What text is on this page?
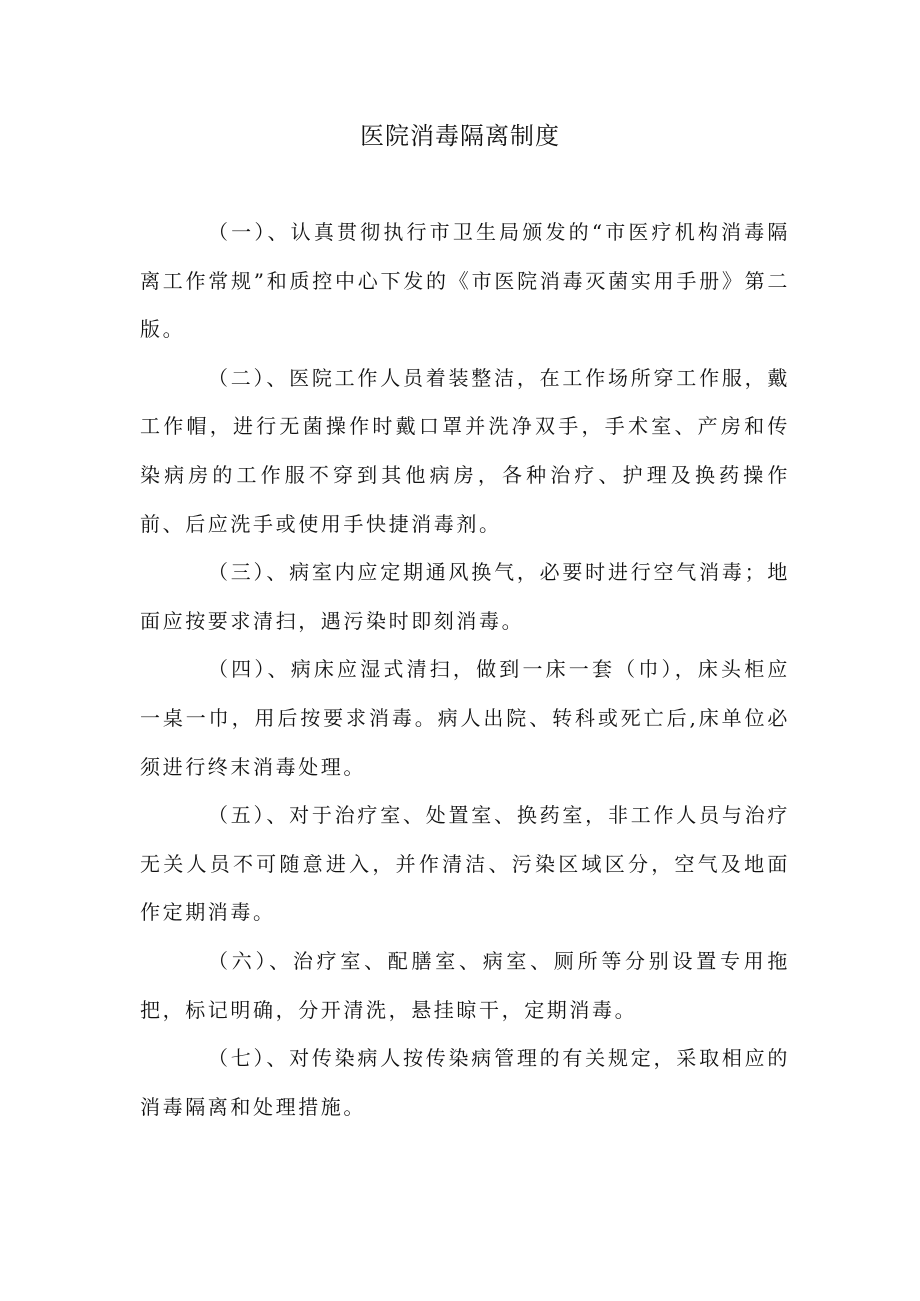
医院消毒隔离制度

（一）、认真贯彻执行市卫生局颁发的“市医疗机构消毒隔离工作常规”和质控中心下发的《市医院消毒灭菌实用手册》第二版。

（二）、医院工作人员着装整洁，在工作场所穿工作服，戴工作帽，进行无菌操作时戴口罩并洗净双手，手术室、产房和传染病房的工作服不穿到其他病房，各种治疗、护理及换药操作前、后应洗手或使用手快捷消毒剂。

（三）、病室内应定期通风换气，必要时进行空气消毒；地面应按要求清扫，遇污染时即刻消毒。

（四）、病床应湿式清扫，做到一床一套（巾），床头柜应一桌一巾，用后按要求消毒。病人出院、转科或死亡后,床单位必须进行终末消毒处理。

（五）、对于治疗室、处置室、换药室，非工作人员与治疗无关人员不可随意进入，并作清洁、污染区域区分，空气及地面作定期消毒。

（六）、治疗室、配膳室、病室、厕所等分别设置专用拖把，标记明确，分开清洗，悬挂晾干，定期消毒。

（七）、对传染病人按传染病管理的有关规定，采取相应的消毒隔离和处理措施。
